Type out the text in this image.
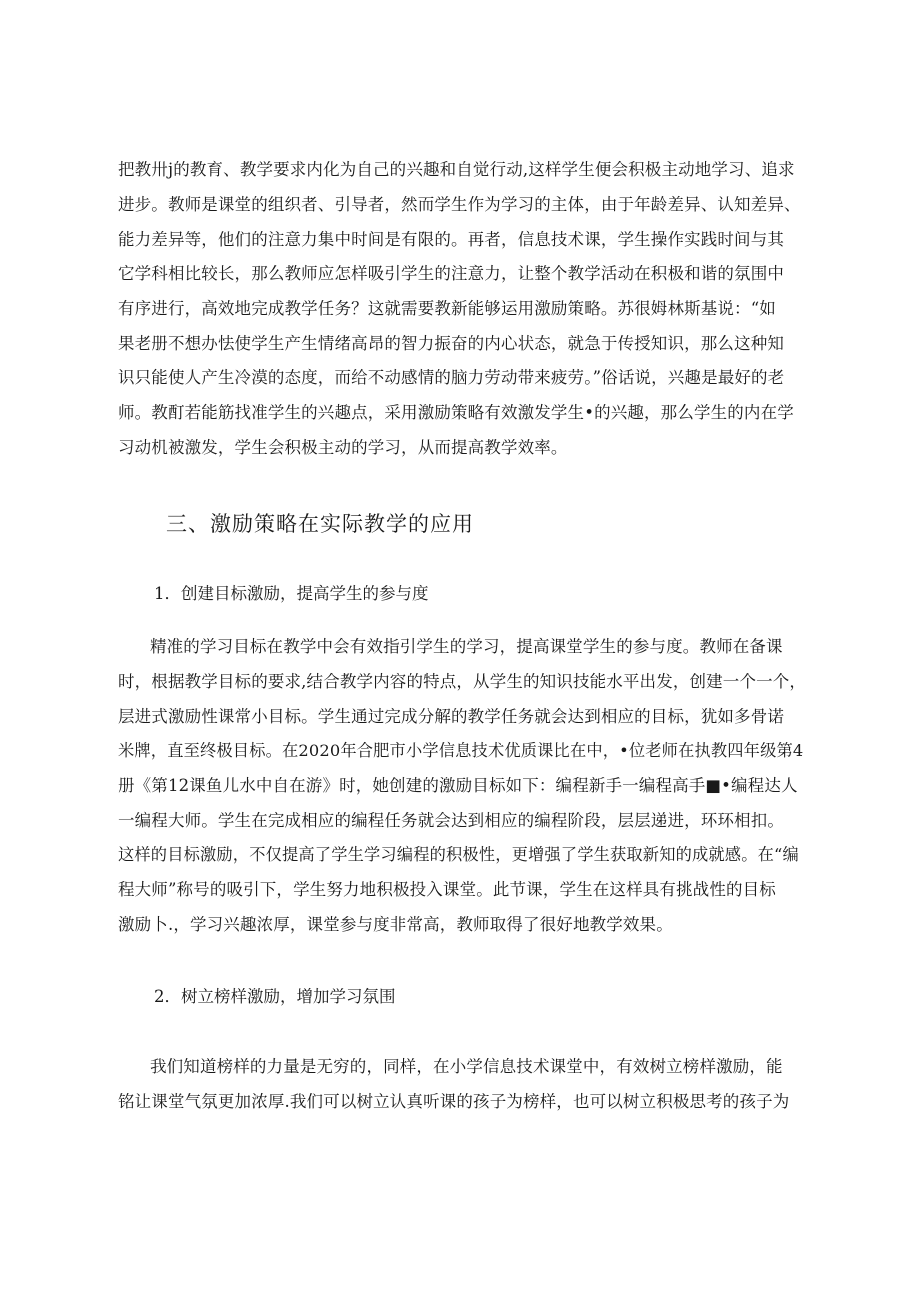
把教卅j的教育、教学要求内化为自己的兴趣和自觉行动,这样学生便会积极主动地学习、追求
进步。教师是课堂的组织者、引导者，然而学生作为学习的主体，由于年龄差异、认知差异、
能力差异等，他们的注意力集中时间是有限的。再者，信息技术课，学生操作实践时间与其
它学科相比较长，那么教师应怎样吸引学生的注意力，让整个教学活动在积极和谐的氛围中
有序进行，高效地完成教学任务？这就需要教新能够运用激励策略。苏很姆林斯基说：“如
果老册不想办怯使学生产生情绪高昂的智力振奋的内心状态，就急于传授知识，那么这种知
识只能使人产生冷漠的态度，而给不动感情的脑力劳动带来疲劳。”俗话说，兴趣是最好的老
师。教酊若能筋找准学生的兴趣点，采用激励策略有效激发学生•的兴趣，那么学生的内在学
习动机被激发，学生会积极主动的学习，从而提高教学效率。
三、激励策略在实际教学的应用
1．创建目标激励，提高学生的参与度
精准的学习目标在教学中会有效指引学生的学习，提高课堂学生的参与度。教师在备课
时，根据教学目标的要求,结合教学内容的特点，从学生的知识技能水平出发，创建一个一个，
层进式激励性课常小目标。学生通过完成分解的教学任务就会达到相应的目标，犹如多骨诺
米牌，直至终极目标。在2020年合肥市小学信息技术优质课比在中，•位老师在执教四年级第4
册《第12课鱼儿水中自在游》时，她创建的激励目标如下：编程新手一编程高手■•编程达人
一编程大师。学生在完成相应的编程任务就会达到相应的编程阶段，层层递进，环环相扣。
这样的目标激励，不仅提高了学生学习编程的积极性，更增强了学生获取新知的成就感。在“编
程大师”称号的吸引下，学生努力地积极投入课堂。此节课，学生在这样具有挑战性的目标
激励卜.，学习兴趣浓厚，课堂参与度非常高，教师取得了很好地教学效果。
2．树立榜样激励，增加学习氛围
我们知道榜样的力量是无穷的，同样，在小学信息技术课堂中，有效树立榜样激励，能
铭让课堂气氛更加浓厚.我们可以树立认真听课的孩子为榜样，也可以树立积极思考的孩子为
